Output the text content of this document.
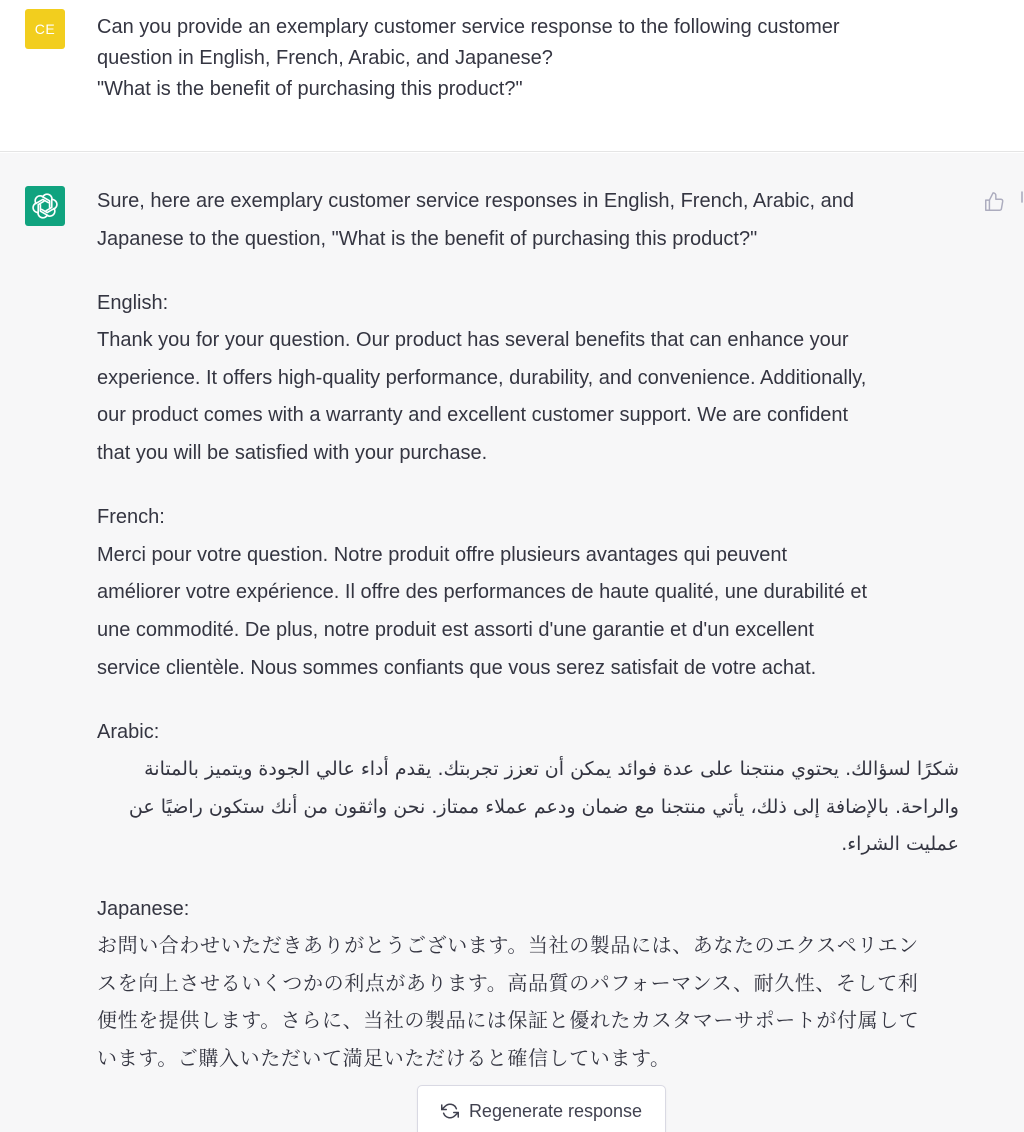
CE	Can you provide an exemplary customer service response to the following customer
question in English, French, Arabic, and Japanese?
"What is the benefit of purchasing this product?"
Sure, here are exemplary customer service responses in English, French, Arabic, and
Japanese to the question, "What is the benefit of purchasing this product?"
English:
Thank you for your question. Our product has several benefits that can enhance your
experience. It offers high-quality performance, durability, and convenience. Additionally,
our product comes with a warranty and excellent customer support. We are confident
that you will be satisfied with your purchase.
French:
Merci pour votre question. Notre produit offre plusieurs avantages qui peuvent
améliorer votre expérience. Il offre des performances de haute qualité, une durabilité et
une commodité. De plus, notre produit est assorti d'une garantie et d'un excellent
service clientèle. Nous sommes confiants que vous serez satisfait de votre achat.
Arabic:
شكرًا لسؤالك. يحتوي منتجنا على عدة فوائد يمكن أن تعزز تجربتك. يقدم أداء عالي الجودة ويتميز بالمتانة
والراحة. بالإضافة إلى ذلك، يأتي منتجنا مع ضمان ودعم عملاء ممتاز. نحن واثقون من أنك ستكون راضيًا عن
عمليت الشراء.
Japanese:
お問い合わせいただきありがとうございます。当社の製品には、あなたのエクスペリエン
スを向上させるいくつかの利点があります。高品質のパフォーマンス、耐久性、そして利
便性を提供します。さらに、当社の製品には保証と優れたカスタマーサポートが付属して
います。ご購入いただいて満足いただけると確信しています。
Regenerate response
